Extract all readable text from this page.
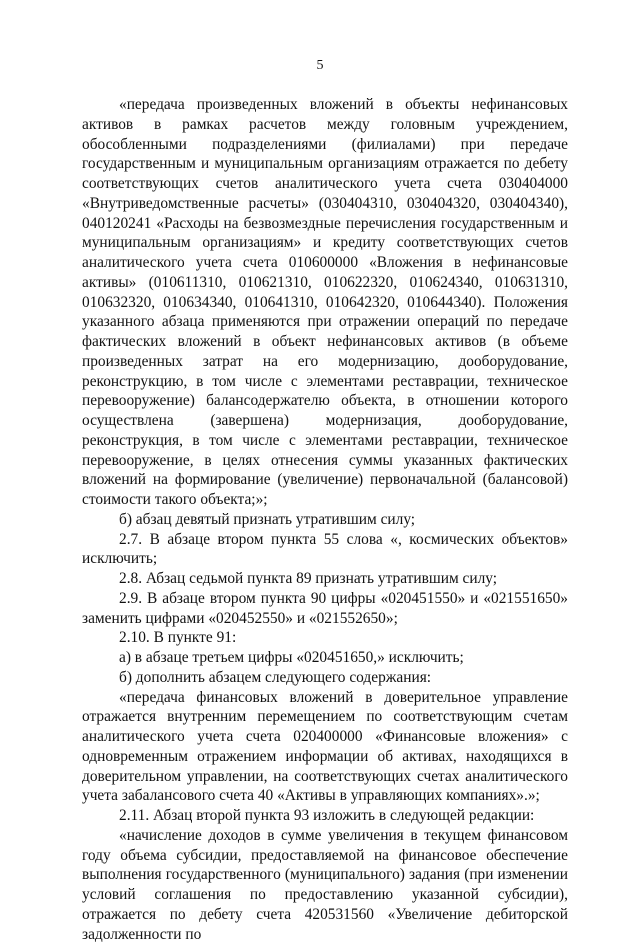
5

«передача произведенных вложений в объекты нефинансовых активов в рамках расчетов между головным учреждением, обособленными подразделениями (филиалами) при передаче государственным и муниципальным организациям отражается по дебету соответствующих счетов аналитического учета счета 030404000 «Внутриведомственные расчеты» (030404310, 030404320, 030404340), 040120241 «Расходы на безвозмездные перечисления государственным и муниципальным организациям» и кредиту соответствующих счетов аналитического учета счета 010600000 «Вложения в нефинансовые активы» (010611310, 010621310, 010622320, 010624340, 010631310, 010632320, 010634340, 010641310, 010642320, 010644340). Положения указанного абзаца применяются при отражении операций по передаче фактических вложений в объект нефинансовых активов (в объеме произведенных затрат на его модернизацию, дооборудование, реконструкцию, в том числе с элементами реставрации, техническое перевооружение) балансодержателю объекта, в отношении которого осуществлена (завершена) модернизация, дооборудование, реконструкция, в том числе с элементами реставрации, техническое перевооружение, в целях отнесения суммы указанных фактических вложений на формирование (увеличение) первоначальной (балансовой) стоимости такого объекта;»;

б) абзац девятый признать утратившим силу;

2.7. В абзаце втором пункта 55 слова «, космических объектов» исключить;

2.8. Абзац седьмой пункта 89 признать утратившим силу;

2.9. В абзаце втором пункта 90 цифры «020451550» и «021551650» заменить цифрами «020452550» и «021552650»;

2.10. В пункте 91:

а) в абзаце третьем цифры «020451650,» исключить;

б) дополнить абзацем следующего содержания:

«передача финансовых вложений в доверительное управление отражается внутренним перемещением по соответствующим счетам аналитического учета счета 020400000 «Финансовые вложения» с одновременным отражением информации об активах, находящихся в доверительном управлении, на соответствующих счетах аналитического учета забалансового счета 40 «Активы в управляющих компаниях».»;

2.11. Абзац второй пункта 93 изложить в следующей редакции:

«начисление доходов в сумме увеличения в текущем финансовом году объема субсидии, предоставляемой на финансовое обеспечение выполнения государственного (муниципального) задания (при изменении условий соглашения по предоставлению указанной субсидии), отражается по дебету счета 420531560 «Увеличение дебиторской задолженности по
